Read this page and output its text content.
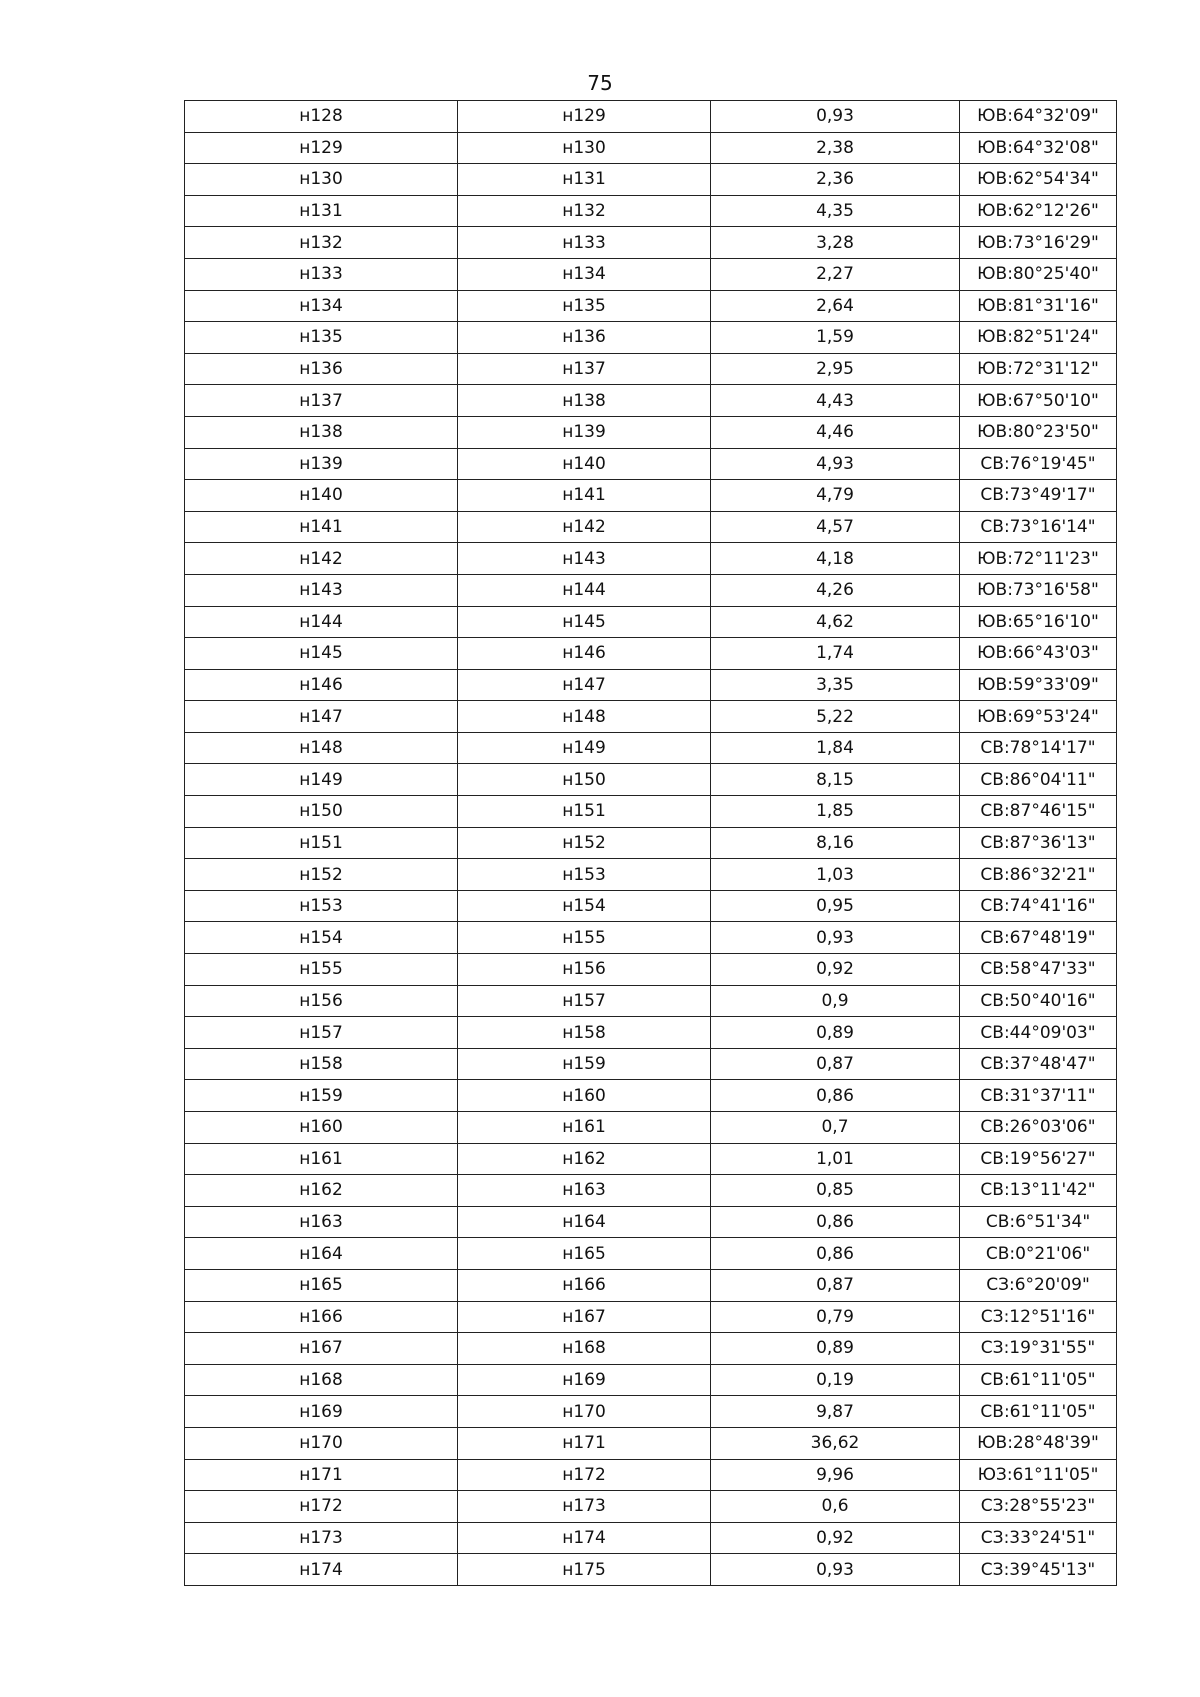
75
н128	н129	0,93	ЮВ:64°32'09"
н129	н130	2,38	ЮВ:64°32'08"
н130	н131	2,36	ЮВ:62°54'34"
н131	н132	4,35	ЮВ:62°12'26"
н132	н133	3,28	ЮВ:73°16'29"
н133	н134	2,27	ЮВ:80°25'40"
н134	н135	2,64	ЮВ:81°31'16"
н135	н136	1,59	ЮВ:82°51'24"
н136	н137	2,95	ЮВ:72°31'12"
н137	н138	4,43	ЮВ:67°50'10"
н138	н139	4,46	ЮВ:80°23'50"
н139	н140	4,93	СВ:76°19'45"
н140	н141	4,79	СВ:73°49'17"
н141	н142	4,57	СВ:73°16'14"
н142	н143	4,18	ЮВ:72°11'23"
н143	н144	4,26	ЮВ:73°16'58"
н144	н145	4,62	ЮВ:65°16'10"
н145	н146	1,74	ЮВ:66°43'03"
н146	н147	3,35	ЮВ:59°33'09"
н147	н148	5,22	ЮВ:69°53'24"
н148	н149	1,84	СВ:78°14'17"
н149	н150	8,15	СВ:86°04'11"
н150	н151	1,85	СВ:87°46'15"
н151	н152	8,16	СВ:87°36'13"
н152	н153	1,03	СВ:86°32'21"
н153	н154	0,95	СВ:74°41'16"
н154	н155	0,93	СВ:67°48'19"
н155	н156	0,92	СВ:58°47'33"
н156	н157	0,9	СВ:50°40'16"
н157	н158	0,89	СВ:44°09'03"
н158	н159	0,87	СВ:37°48'47"
н159	н160	0,86	СВ:31°37'11"
н160	н161	0,7	СВ:26°03'06"
н161	н162	1,01	СВ:19°56'27"
н162	н163	0,85	СВ:13°11'42"
н163	н164	0,86	СВ:6°51'34"
н164	н165	0,86	СВ:0°21'06"
н165	н166	0,87	СЗ:6°20'09"
н166	н167	0,79	СЗ:12°51'16"
н167	н168	0,89	СЗ:19°31'55"
н168	н169	0,19	СВ:61°11'05"
н169	н170	9,87	СВ:61°11'05"
н170	н171	36,62	ЮВ:28°48'39"
н171	н172	9,96	ЮЗ:61°11'05"
н172	н173	0,6	СЗ:28°55'23"
н173	н174	0,92	СЗ:33°24'51"
н174	н175	0,93	СЗ:39°45'13"
